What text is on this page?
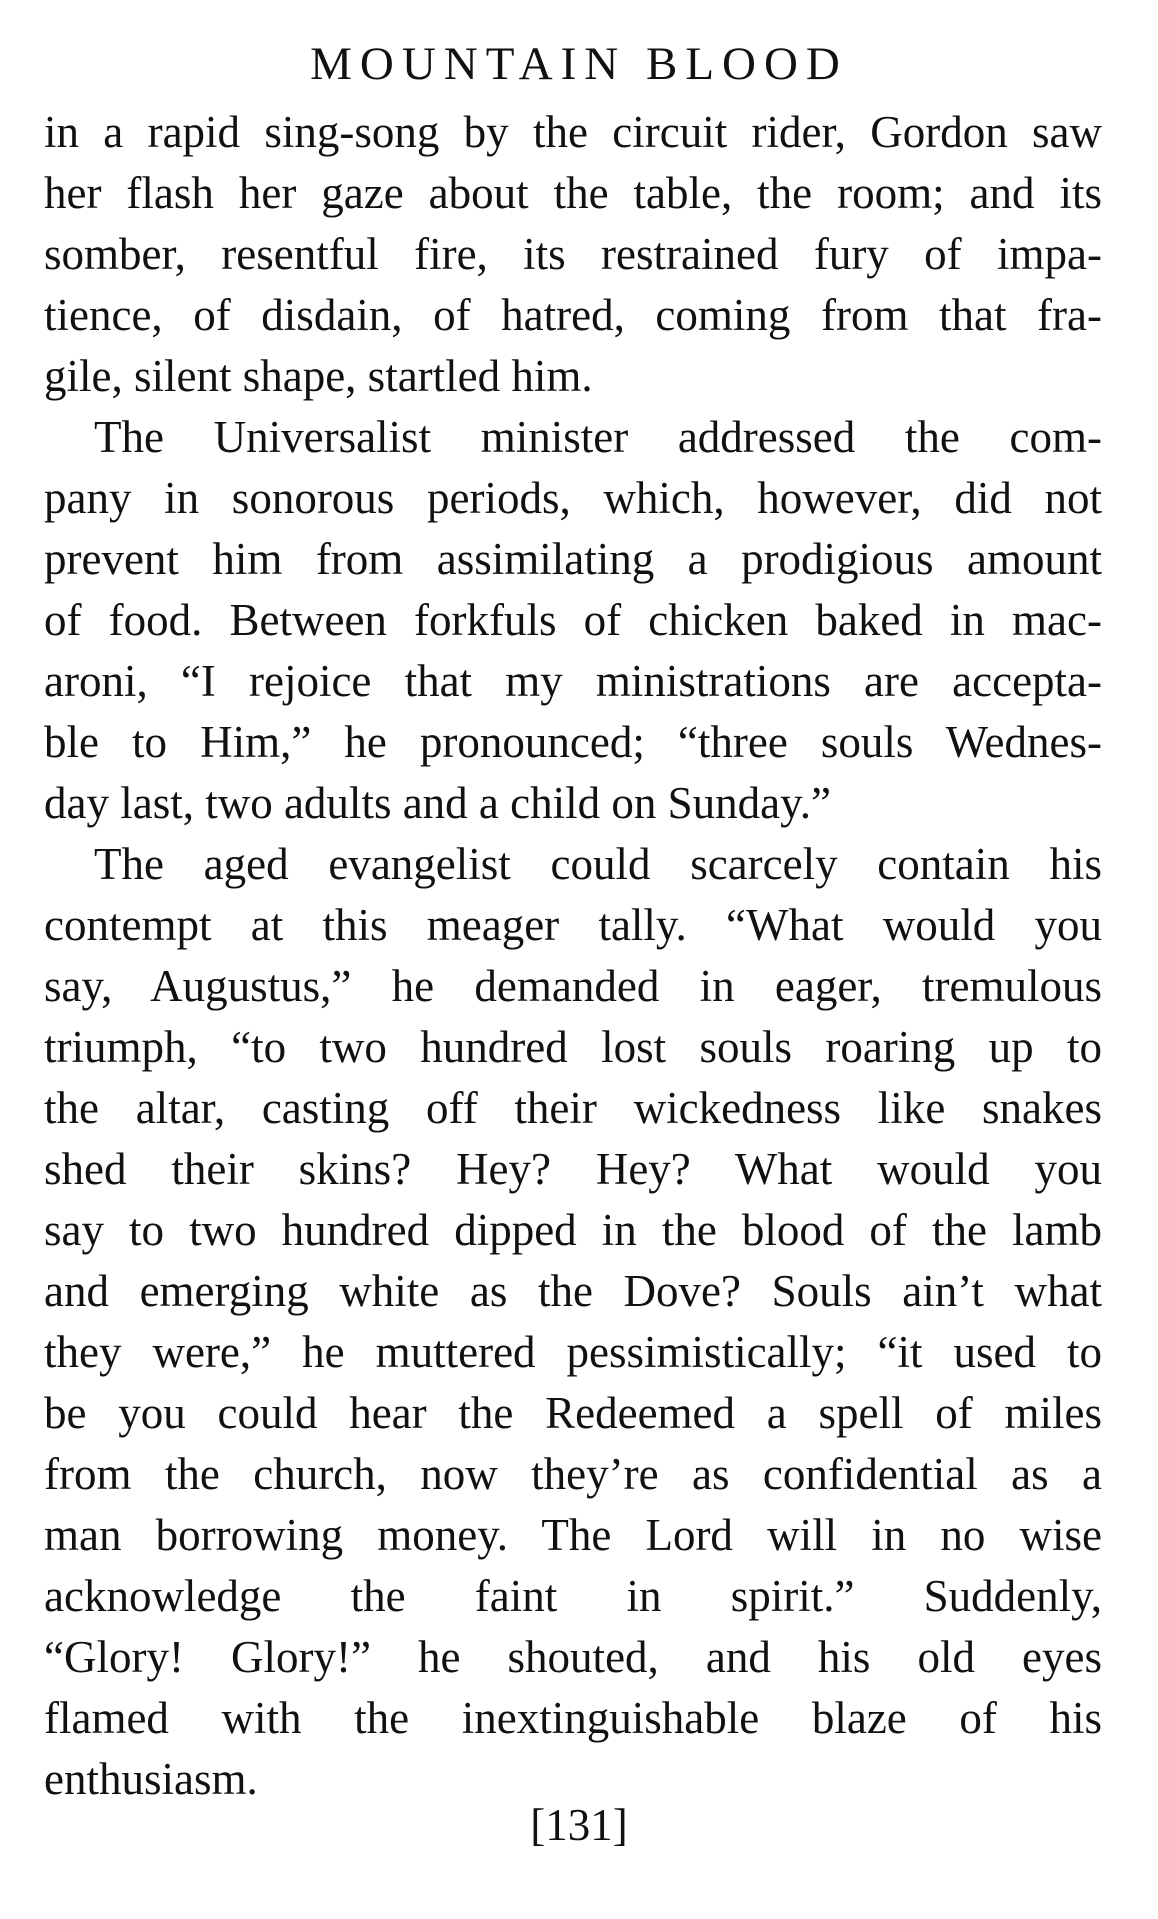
MOUNTAIN BLOOD
in a rapid sing-song by the circuit rider, Gordon saw
her flash her gaze about the table, the room; and its
somber, resentful fire, its restrained fury of impa-
tience, of disdain, of hatred, coming from that fra-
gile, silent shape, startled him.
The Universalist minister addressed the com-
pany in sonorous periods, which, however, did not
prevent him from assimilating a prodigious amount
of food. Between forkfuls of chicken baked in mac-
aroni, “I rejoice that my ministrations are accepta-
ble to Him,” he pronounced; “three souls Wednes-
day last, two adults and a child on Sunday.”
The aged evangelist could scarcely contain his
contempt at this meager tally. “What would you
say, Augustus,” he demanded in eager, tremulous
triumph, “to two hundred lost souls roaring up to
the altar, casting off their wickedness like snakes
shed their skins? Hey? Hey? What would you
say to two hundred dipped in the blood of the lamb
and emerging white as the Dove? Souls ain’t what
they were,” he muttered pessimistically; “it used to
be you could hear the Redeemed a spell of miles
from the church, now they’re as confidential as a
man borrowing money. The Lord will in no wise
acknowledge the faint in spirit.” Suddenly,
“Glory! Glory!” he shouted, and his old eyes
flamed with the inextinguishable blaze of his
enthusiasm.
[131]
